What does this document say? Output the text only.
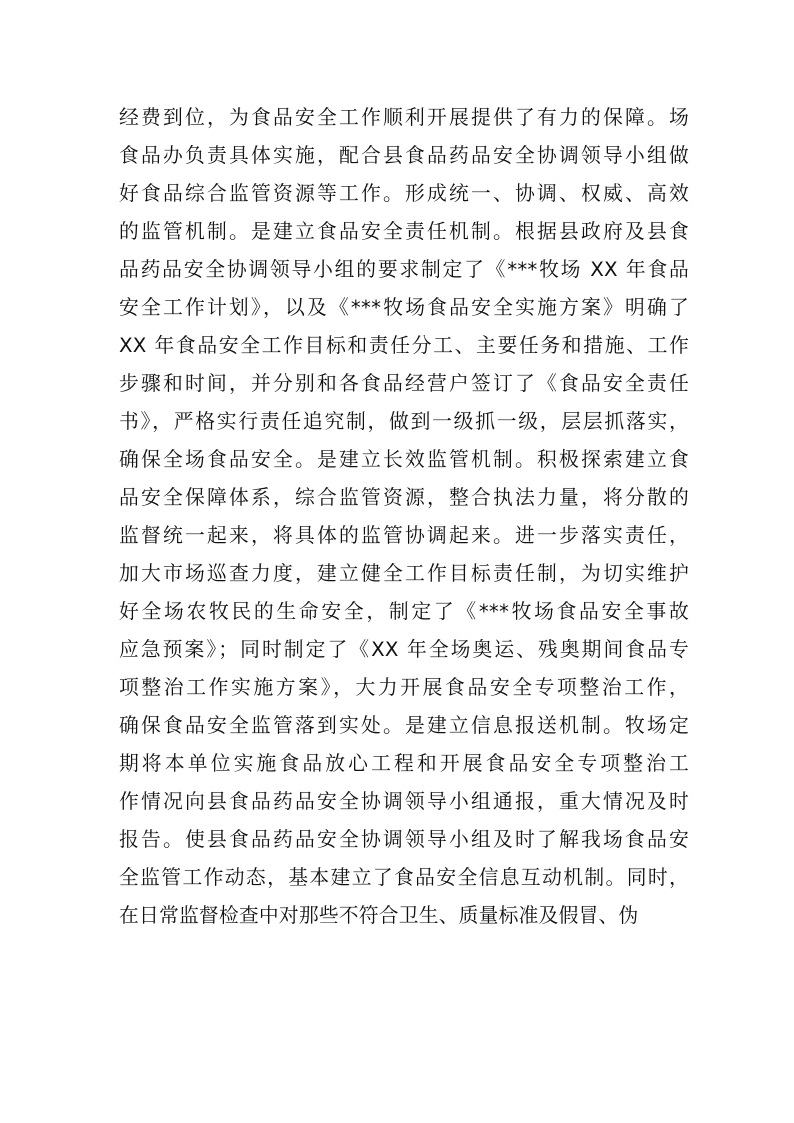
经费到位，为食品安全工作顺利开展提供了有力的保障。场
食品办负责具体实施，配合县食品药品安全协调领导小组做
好食品综合监管资源等工作。形成统一、协调、权威、高效
的监管机制。是建立食品安全责任机制。根据县政府及县食
品药品安全协调领导小组的要求制定了《***牧场 XX 年食品
安全工作计划》，以及《***牧场食品安全实施方案》明确了
XX 年食品安全工作目标和责任分工、主要任务和措施、工作
步骤和时间，并分别和各食品经营户签订了《食品安全责任
书》，严格实行责任追究制，做到一级抓一级，层层抓落实，
确保全场食品安全。是建立长效监管机制。积极探索建立食
品安全保障体系，综合监管资源，整合执法力量，将分散的
监督统一起来，将具体的监管协调起来。进一步落实责任，
加大市场巡查力度，建立健全工作目标责任制，为切实维护
好全场农牧民的生命安全，制定了《***牧场食品安全事故
应急预案》；同时制定了《XX 年全场奥运、残奥期间食品专
项整治工作实施方案》，大力开展食品安全专项整治工作，
确保食品安全监管落到实处。是建立信息报送机制。牧场定
期将本单位实施食品放心工程和开展食品安全专项整治工
作情况向县食品药品安全协调领导小组通报，重大情况及时
报告。使县食品药品安全协调领导小组及时了解我场食品安
全监管工作动态，基本建立了食品安全信息互动机制。同时，
在日常监督检查中对那些不符合卫生、质量标准及假冒、伪
